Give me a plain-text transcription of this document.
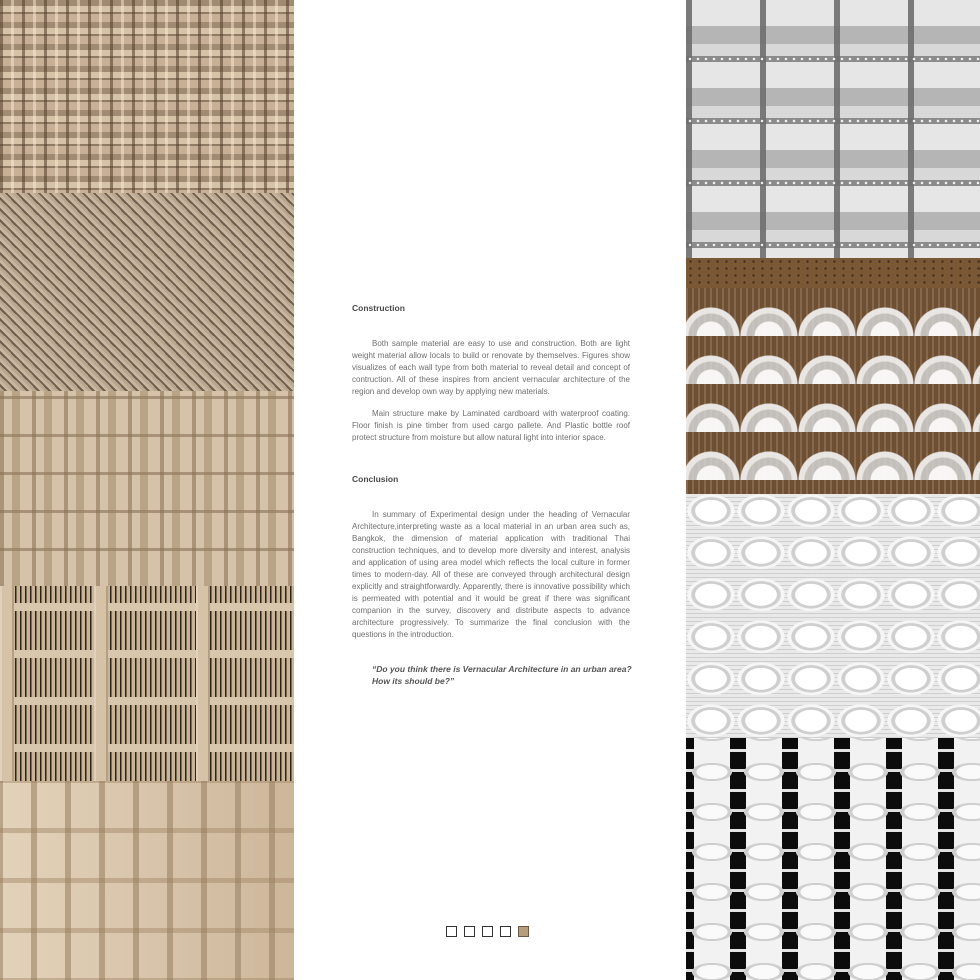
Construction

Both sample material are easy to use and construction. Both are light weight material allow locals to build or renovate by themselves. Figures show visualizes of each wall type from both material to reveal detail and concept of contruction. All of these inspires from ancient vernacular architecture of the region and develop own way by applying new materials.

Main structure make by Laminated cardboard with waterproof coating. Floor finish is pine timber from used cargo pallete. And Plastic bottle roof protect structure from moisture but allow natural light into interior space.

Conclusion

In summary of Experimental design under the heading of Vernacular Architecture,interpreting waste as a local material in an urban area such as, Bangkok, the dimension of material application with traditional Thai construction techniques, and to develop more diversity and interest, analysis and application of using area model which reflects the local culture in former times to modern-day. All of these are conveyed through architectural design explicitly and straightforwardly. Apparently, there is innovative possibility which is permeated with potential and it would be great if there was significant companion in the survey, discovery and distribute aspects to advance architecture progressively. To summarize the final conclusion with the questions in the introduction.

“Do you think there is Vernacular Architecture in an urban area?
How its should be?”
